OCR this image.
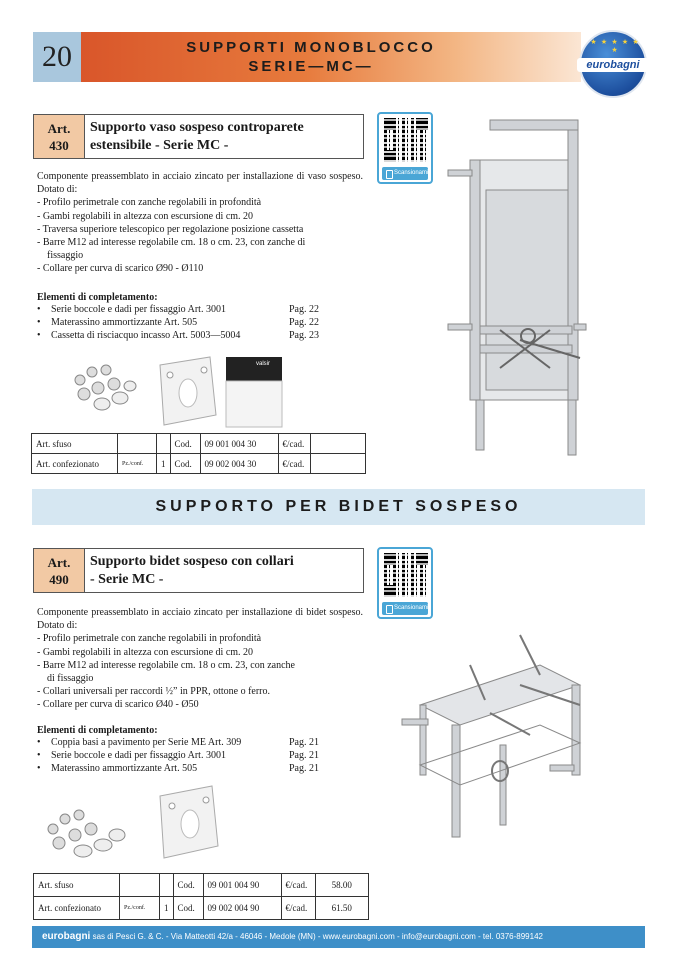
20	SUPPORTI MONOBLOCCO
SERIE—MC—
★ ★ ★ ★ ★ ★
eurobagni
Art.
430
Supporto vaso sospeso controparete
estensibile - Serie MC -
Scansionami

Componente preassemblato in acciaio zincato per installazione di vaso sospeso. Dotato di:

- Profilo perimetrale con zanche regolabili in profondità

- Gambi regolabili in altezza con escursione di cm. 20

- Traversa superiore telescopico per regolazione posizione cassetta

- Barre M12 ad interesse regolabile cm. 18 o cm. 23, con zanche di

fissaggio

- Collare per curva di scarico Ø90 - Ø110

Elementi di completamento:
•	Serie boccole e dadi per fissaggio Art. 3001	Pag. 22
•	Materassino ammortizzante Art. 505	Pag. 22
•	Cassetta di risciacquo incasso Art. 5003—5004	Pag. 23
valsir
Art. sfuso			Cod.	09 001 004 30	€/cad.	
Art. confezionato	Pz./conf.	1	Cod.	09 002 004 30	€/cad.	
SUPPORTO PER BIDET SOSPESO
Art.
490
Supporto bidet sospeso con collari
- Serie MC -
Scansionami

Componente preassemblato in acciaio zincato per installazione di bidet sospeso. Dotato di:

- Profilo perimetrale con zanche regolabili in profondità

- Gambi regolabili in altezza con escursione di cm. 20

- Barre M12 ad interesse regolabile cm. 18 o cm. 23, con zanche

di fissaggio

- Collari universali per raccordi ½” in PPR, ottone o ferro.

- Collare per curva di scarico Ø40 - Ø50

Elementi di completamento:
•	Coppia basi a pavimento per Serie ME Art. 309	Pag. 21
•	Serie boccole e dadi per fissaggio Art. 3001	Pag. 21
•	Materassino ammortizzante Art. 505	Pag. 21
Art. sfuso			Cod.	09 001 004 90	€/cad.	58.00
Art. confezionato	Pz./conf.	1	Cod.	09 002 004 90	€/cad.	61.50
eurobagni sas di Pesci G. & C. - Via Matteotti 42/a - 46046 - Medole (MN) - www.eurobagni.com - info@eurobagni.com - tel. 0376-899142
